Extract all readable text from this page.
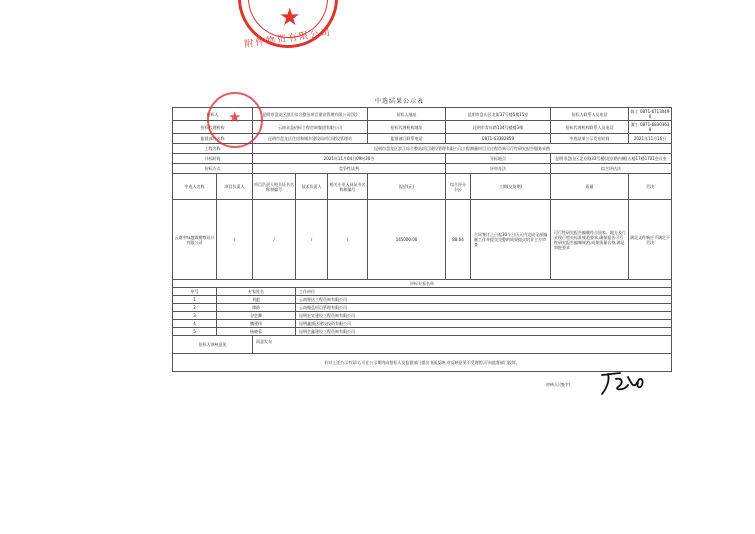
★
附件物资有限公司
中选结果公示表
招标人		昆明市盘龙区滨江综合整治项目建设管理有限公司(发)			招标人地址	昆明市盘山区北街37号楼5楼15室		招标人联系人及电话	陈工 0871-67130490
招标代理机构		云南众益招标工程咨询集团有限公司			招标代理机构地址	昆明市青年路134号楼楼3楼		招标代理机构联系人及电话	谭工 0871-68303638
监督部门名称		昆明市盘龙区住房和城乡建设局项目建设管理站			监督部门联系电话	0871-63382859		中选结果公示发布时间	2021年11月16日
工程名称		昆明市盘龙区滨江综合整治项目建设管理有限公司工程测量项目全过程咨询可行性研究报告服务采购							
开标时间		2021年11月04日09时30分				开标地点		昆明市盘山区北京路33号楼(北京路内侧)五楼17楼1701会议室	
招标方式		竞争性谈判				评审办法		综合评估法	
中选人名称	项目负责人	项目负责人相关证书名称和编号	技术负责人	相关专业人员证书名称和编号	报价(元)	综合评分(分)	工期(交货期)	质量	否决
云南中咏越霖勘察设计有限公司	/	/	/	/	145000.00	88.64	合同签订之日起30个日历天内完成全部编制工作并提交完整的成果提交给业主方审查	可行性研究报告编制符合国家、地方及行业现行相关标准规范要求,确保报告可行性研究报告编制规范,成果质量合格,满足审批要求	满足文件响应不满足不否决
评标专家名单									
序号	专家姓名		工作单位						
1	刘彪		云南智达工程咨询有限公司						
2	谭昉		云南翰弘项目管理有限公司						
3	谷会卿		昆明宏实建设工程咨询有限公司						
4	魏建伟		昆明鑫盛达建设投资有限公司						
5	杨晓蓉		昆明会鑫建设工程咨询有限公司						
招标人审核意见		同意发布							
若对上述公示有异议,可在公示期内向招标人及监督部门提出书面反映,对反映意见不受理的,可向监督部门投诉。									
★
审核人:(签字)
